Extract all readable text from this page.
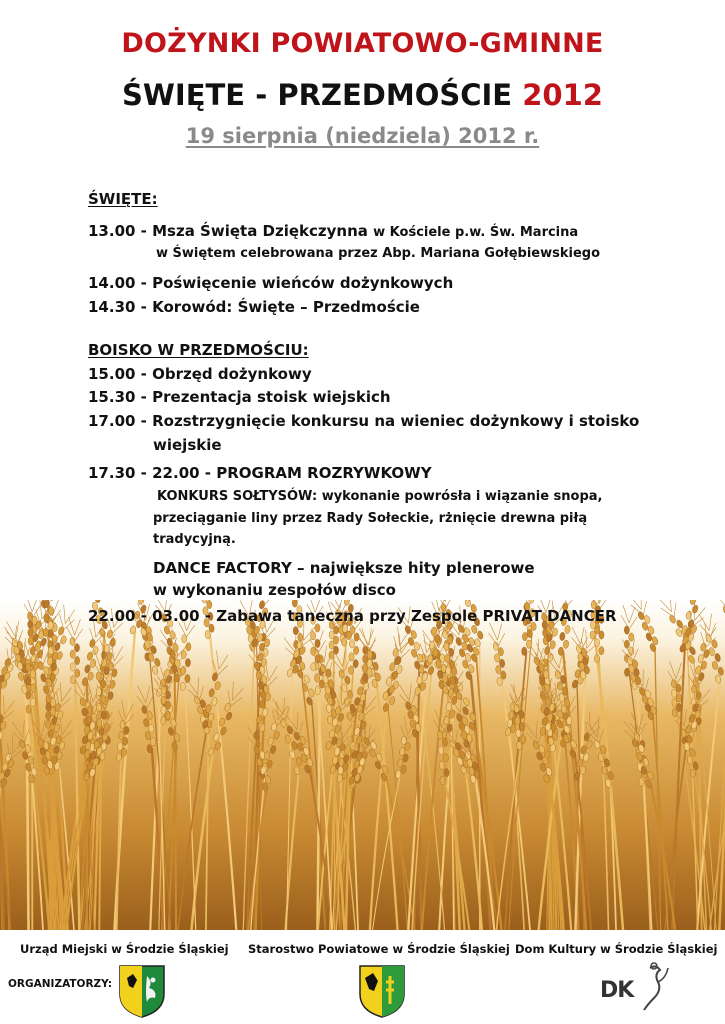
DOŻYNKI POWIATOWO-GMINNE
ŚWIĘTE - PRZEDMOŚCIE 2012
19 sierpnia (niedziela) 2012 r.
ŚWIĘTE:
13.00 - Msza Święta Dziękczynna w Kościele p.w. Św. Marcina
w Świętem celebrowana przez Abp. Mariana Gołębiewskiego
14.00 - Poświęcenie wieńców dożynkowych
14.30 - Korowód: Święte – Przedmoście
BOISKO W PRZEDMOŚCIU:
15.00 - Obrzęd dożynkowy
15.30 - Prezentacja stoisk wiejskich
17.00 - Rozstrzygnięcie konkursu na wieniec dożynkowy i stoisko
wiejskie
17.30 - 22.00 - PROGRAM ROZRYWKOWY
KONKURS SOŁTYSÓW: wykonanie powrósła i wiązanie snopa,
przeciąganie liny przez Rady Sołeckie, rżnięcie drewna piłą
tradycyjną.
DANCE FACTORY – największe hity plenerowe
w wykonaniu zespołów disco
22.00 - 03.00 - Zabawa taneczna przy Zespole PRIVAT DANCER
Urząd Miejski w Środzie Śląskiej Starostwo Powiatowe w Środzie Śląskiej Dom Kultury w Środzie Śląskiej
ORGANIZATORZY:	DK
